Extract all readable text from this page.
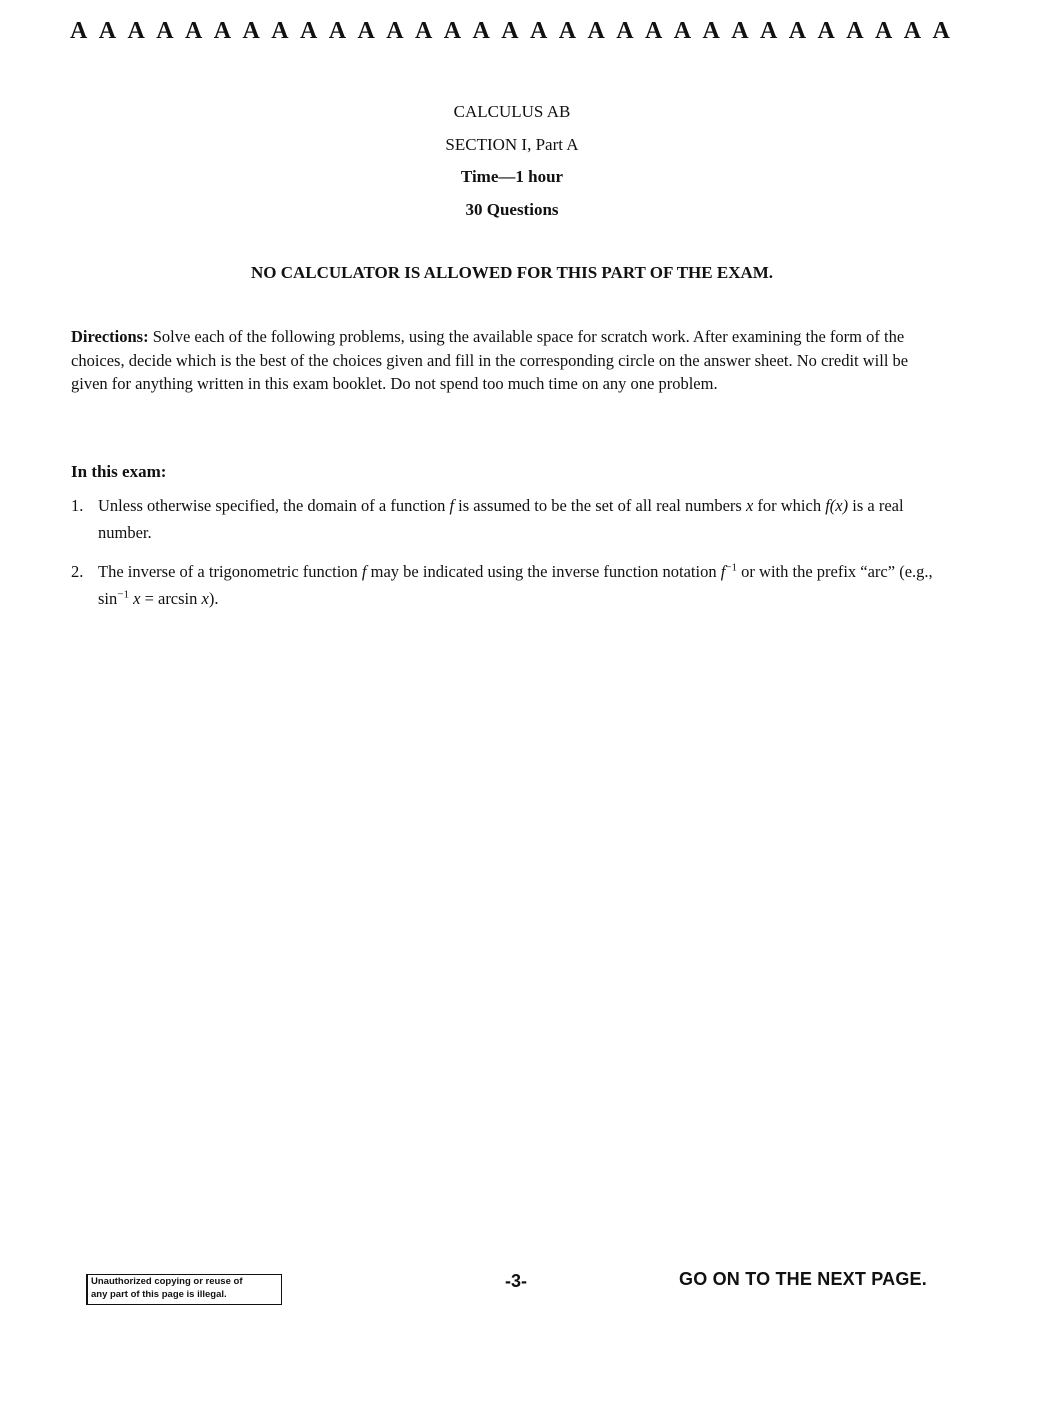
A A A A A A A A A A A A A A A A A A A A A A A A A A A A A A A
CALCULUS AB
SECTION I, Part A
Time—1 hour
30 Questions
NO CALCULATOR IS ALLOWED FOR THIS PART OF THE EXAM.
Directions: Solve each of the following problems, using the available space for scratch work. After examining the form of the choices, decide which is the best of the choices given and fill in the corresponding circle on the answer sheet. No credit will be given for anything written in this exam booklet. Do not spend too much time on any one problem.
In this exam:
1. Unless otherwise specified, the domain of a function f is assumed to be the set of all real numbers x for which f(x) is a real number.
2. The inverse of a trigonometric function f may be indicated using the inverse function notation $f^{-1}$ or with the prefix “arc” (e.g., $\sin^{-1} x = \arcsin x$).
Unauthorized copying or reuse of
any part of this page is illegal.
-3-	GO ON TO THE NEXT PAGE.
